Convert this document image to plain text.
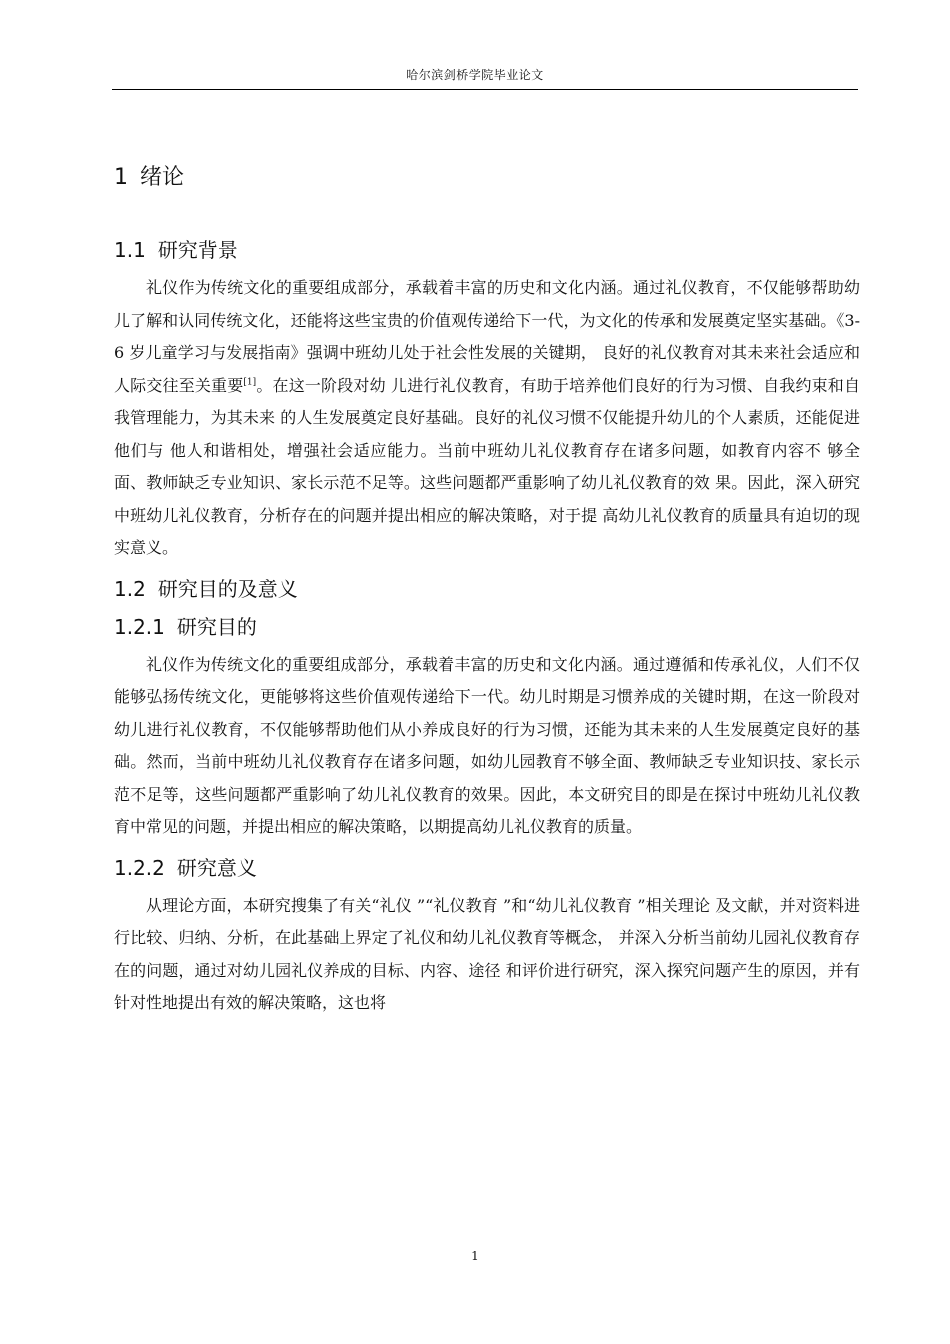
哈尔滨剑桥学院毕业论文
1 绪论
1.1 研究背景

礼仪作为传统文化的重要组成部分，承载着丰富的历史和文化内涵。通过礼仪教育，不仅能够帮助幼儿了解和认同传统文化，还能将这些宝贵的价值观传递给下一代，为文化的传承和发展奠定坚实基础。《3-6 岁儿童学习与发展指南》强调中班幼儿处于社会性发展的关键期， 良好的礼仪教育对其未来社会适应和人际交往至关重要[1]。在这一阶段对幼 儿进行礼仪教育，有助于培养他们良好的行为习惯、自我约束和自我管理能力，为其未来 的人生发展奠定良好基础。良好的礼仪习惯不仅能提升幼儿的个人素质，还能促进他们与 他人和谐相处，增强社会适应能力。当前中班幼儿礼仪教育存在诸多问题，如教育内容不 够全面、教师缺乏专业知识、家长示范不足等。这些问题都严重影响了幼儿礼仪教育的效 果。因此，深入研究中班幼儿礼仪教育，分析存在的问题并提出相应的解决策略，对于提 高幼儿礼仪教育的质量具有迫切的现实意义。

1.2 研究目的及意义
1.2.1 研究目的

礼仪作为传统文化的重要组成部分，承载着丰富的历史和文化内涵。通过遵循和传承礼仪，人们不仅能够弘扬传统文化，更能够将这些价值观传递给下一代。幼儿时期是习惯养成的关键时期，在这一阶段对幼儿进行礼仪教育，不仅能够帮助他们从小养成良好的行为习惯，还能为其未来的人生发展奠定良好的基础。然而，当前中班幼儿礼仪教育存在诸多问题，如幼儿园教育不够全面、教师缺乏专业知识技、家长示范不足等，这些问题都严重影响了幼儿礼仪教育的效果。因此，本文研究目的即是在探讨中班幼儿礼仪教育中常见的问题，并提出相应的解决策略，以期提高幼儿礼仪教育的质量。

1.2.2 研究意义

从理论方面，本研究搜集了有关“礼仪 ”“礼仪教育 ”和“幼儿礼仪教育 ”相关理论 及文献，并对资料进行比较、归纳、分析，在此基础上界定了礼仪和幼儿礼仪教育等概念， 并深入分析当前幼儿园礼仪教育存在的问题，通过对幼儿园礼仪养成的目标、内容、途径 和评价进行研究，深入探究问题产生的原因，并有针对性地提出有效的解决策略，这也将

1
